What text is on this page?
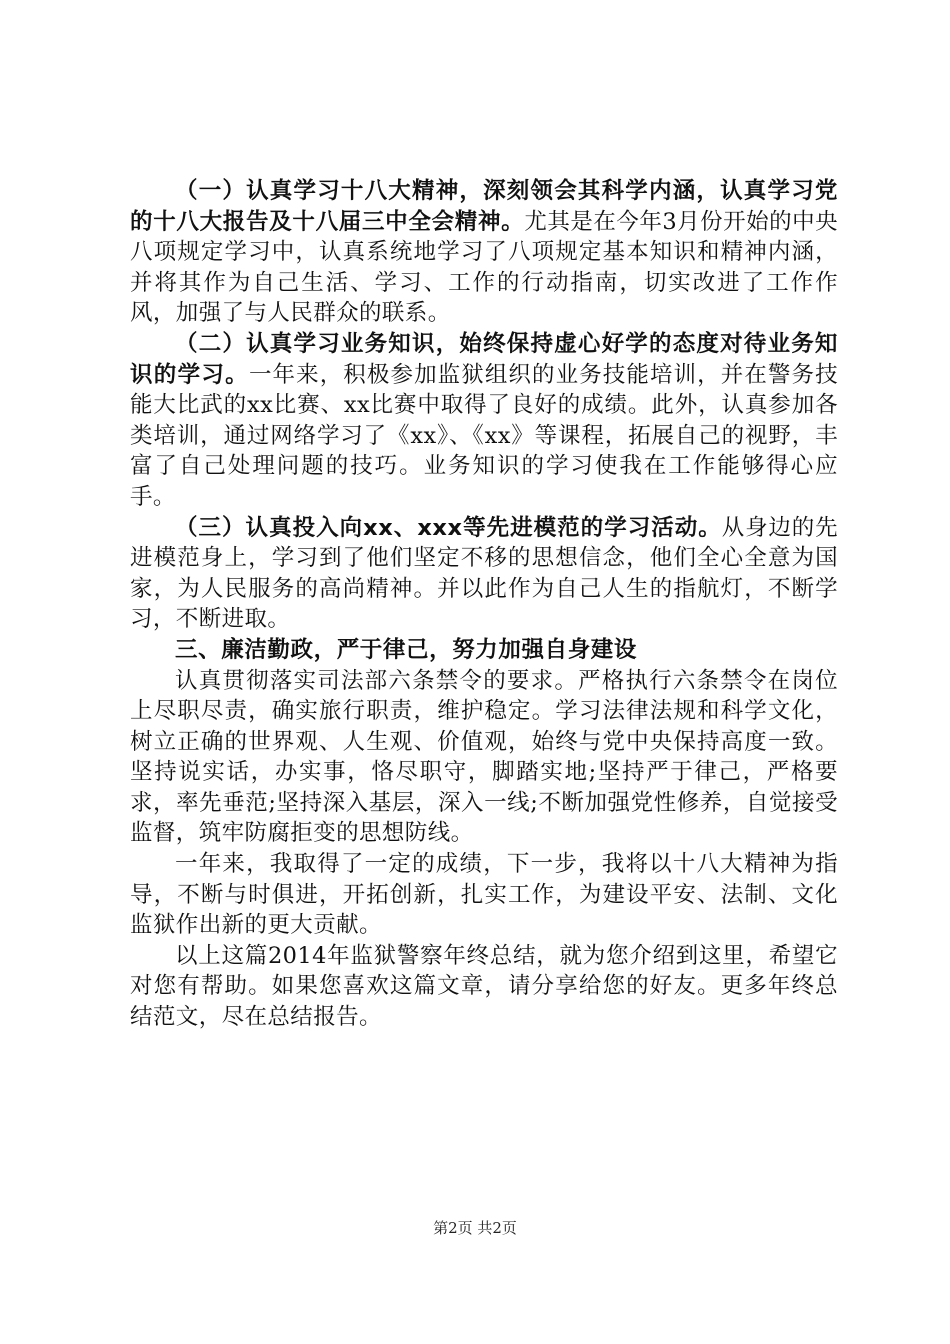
（一）认真学习十八大精神，深刻领会其科学内涵，认真学习党的十八大报告及十八届三中全会精神。尤其是在今年3月份开始的中央八项规定学习中，认真系统地学习了八项规定基本知识和精神内涵，并将其作为自己生活、学习、工作的行动指南，切实改进了工作作风，加强了与人民群众的联系。

（二）认真学习业务知识，始终保持虚心好学的态度对待业务知识的学习。一年来，积极参加监狱组织的业务技能培训，并在警务技能大比武的xx比赛、xx比赛中取得了良好的成绩。此外，认真参加各类培训，通过网络学习了《xx》、《xx》等课程，拓展自己的视野，丰富了自己处理问题的技巧。业务知识的学习使我在工作能够得心应手。

（三）认真投入向xx、xxx等先进模范的学习活动。从身边的先进模范身上，学习到了他们坚定不移的思想信念，他们全心全意为国家，为人民服务的高尚精神。并以此作为自己人生的指航灯，不断学习，不断进取。

三、廉洁勤政，严于律己，努力加强自身建设

认真贯彻落实司法部六条禁令的要求。严格执行六条禁令在岗位上尽职尽责，确实旅行职责，维护稳定。学习法律法规和科学文化，树立正确的世界观、人生观、价值观，始终与党中央保持高度一致。坚持说实话，办实事，恪尽职守，脚踏实地;坚持严于律己，严格要求，率先垂范;坚持深入基层，深入一线;不断加强党性修养，自觉接受监督，筑牢防腐拒变的思想防线。

一年来，我取得了一定的成绩，下一步，我将以十八大精神为指导，不断与时俱进，开拓创新，扎实工作，为建设平安、法制、文化监狱作出新的更大贡献。

以上这篇2014年监狱警察年终总结，就为您介绍到这里，希望它对您有帮助。如果您喜欢这篇文章，请分享给您的好友。更多年终总结范文，尽在总结报告。

第2页 共2页
